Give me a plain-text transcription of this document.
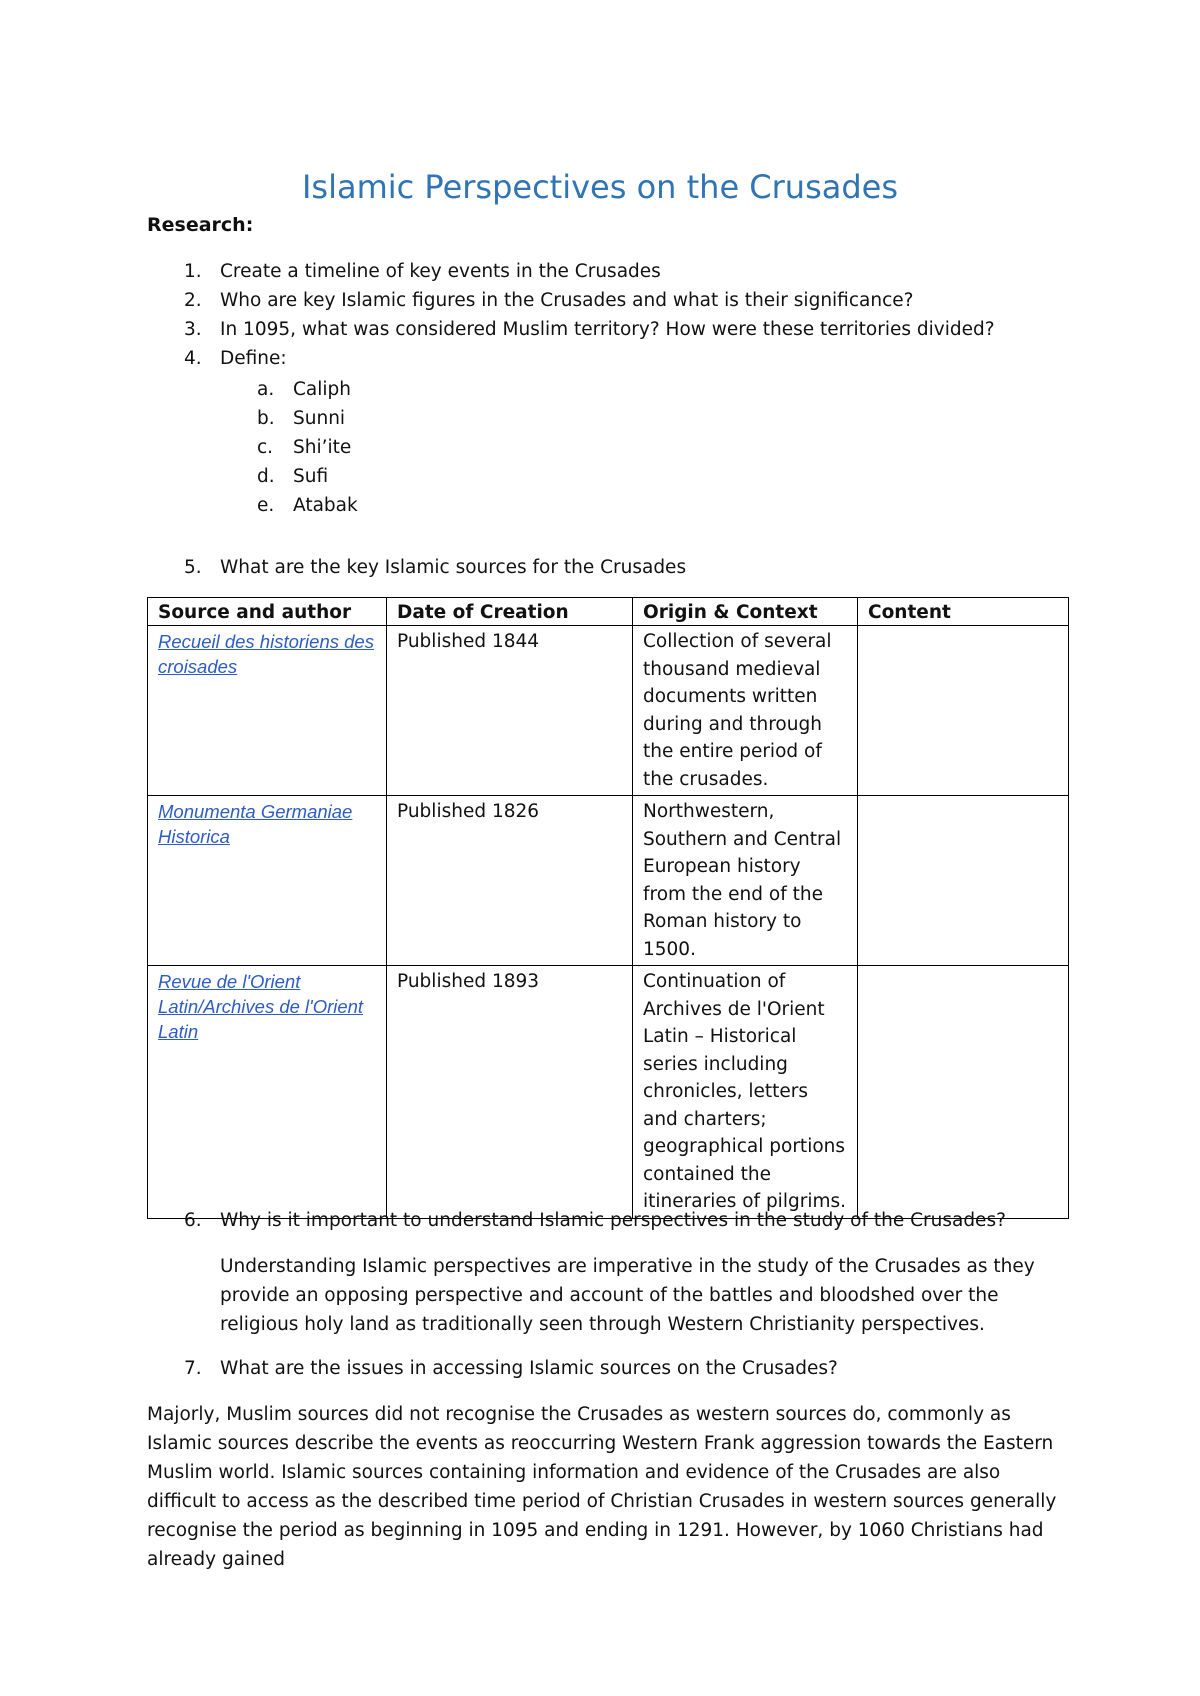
Islamic Perspectives on the Crusades
Research:
1. Create a timeline of key events in the Crusades
2. Who are key Islamic figures in the Crusades and what is their significance?
3. In 1095, what was considered Muslim territory? How were these territories divided?
4. Define:
a. Caliph
b. Sunni
c. Shi’ite
d. Sufi
e. Atabak
5. What are the key Islamic sources for the Crusades
Source and author	Date of Creation	Origin & Context	Content
Recueil des historiens des croisades	Published 1844	Collection of several thousand medieval documents written during and through the entire period of the crusades.	
Monumenta Germaniae Historica	Published 1826	Northwestern, Southern and Central European history from the end of the Roman history to 1500.	
Revue de l'Orient Latin/Archives de l'Orient Latin	Published 1893	Continuation of Archives de l'Orient Latin – Historical series including chronicles, letters and charters; geographical portions contained the itineraries of pilgrims.	
6. Why is it important to understand Islamic perspectives in the study of the Crusades?

Understanding Islamic perspectives are imperative in the study of the Crusades as they provide an opposing perspective and account of the battles and bloodshed over the religious holy land as traditionally seen through Western Christianity perspectives.

7. What are the issues in accessing Islamic sources on the Crusades?

Majorly, Muslim sources did not recognise the Crusades as western sources do, commonly as Islamic sources describe the events as reoccurring Western Frank aggression towards the Eastern Muslim world. Islamic sources containing information and evidence of the Crusades are also difficult to access as the described time period of Christian Crusades in western sources generally recognise the period as beginning in 1095 and ending in 1291. However, by 1060 Christians had already gained
